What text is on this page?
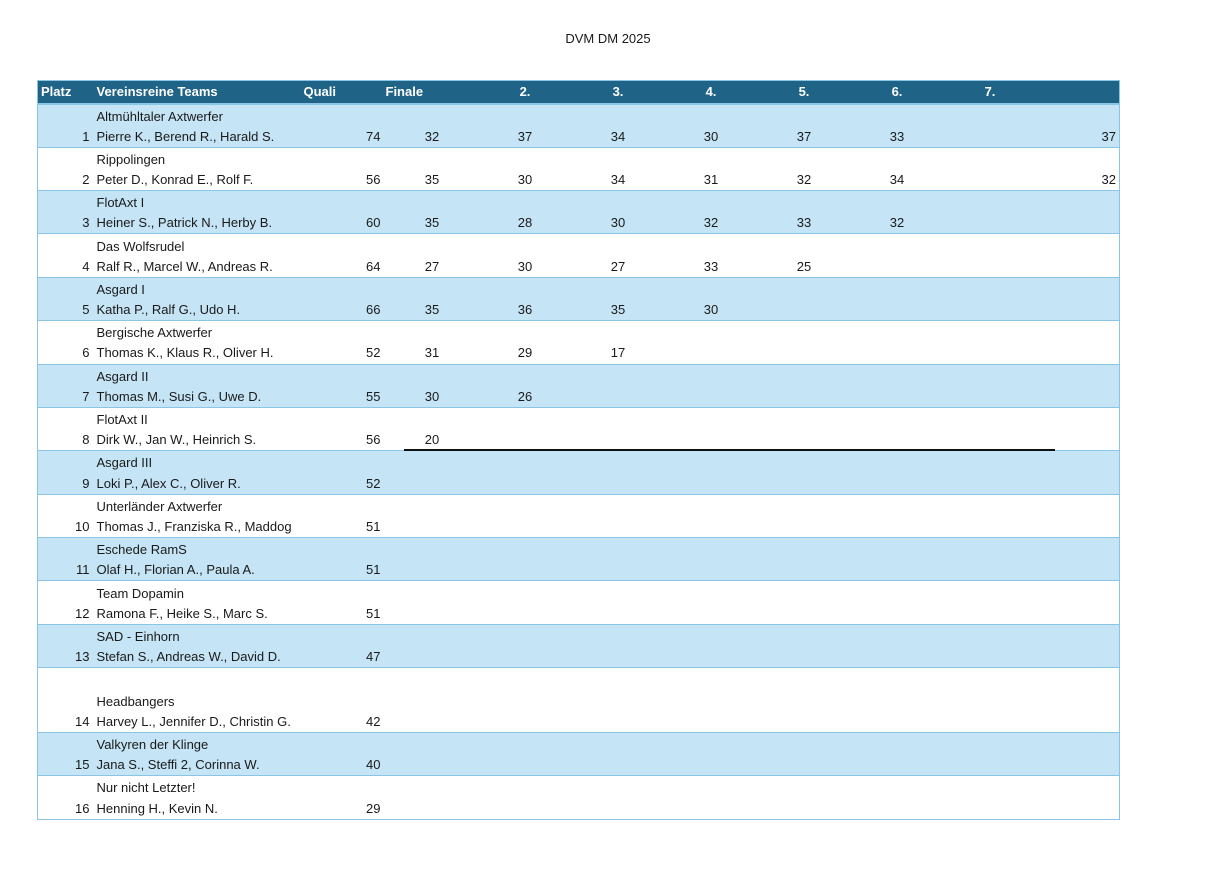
DVM DM 2025
Platz	Vereinsreine Teams	Quali	Finale	2.	3.	4.	5.	6.	7.	
	Altmühltaler Axtwerfer									
1	Pierre K., Berend R., Harald S.	74	32	37	34	30	37	33		37
	Rippolingen									
2	Peter D., Konrad E., Rolf F.	56	35	30	34	31	32	34		32
	FlotAxt I									
3	Heiner S., Patrick N., Herby B.	60	35	28	30	32	33	32		
	Das Wolfsrudel									
4	Ralf R., Marcel W., Andreas R.	64	27	30	27	33	25			
	Asgard I									
5	Katha P., Ralf G., Udo H.	66	35	36	35	30				
	Bergische Axtwerfer									
6	Thomas K., Klaus R., Oliver H.	52	31	29	17					
	Asgard II									
7	Thomas M., Susi G., Uwe D.	55	30	26						
	FlotAxt II									
8	Dirk W., Jan W., Heinrich S.	56	20							
	Asgard III									
9	Loki P., Alex C., Oliver R.	52								
	Unterländer Axtwerfer									
10	Thomas J., Franziska R., Maddog	51								
	Eschede RamS									
11	Olaf H., Florian A., Paula A.	51								
	Team Dopamin									
12	Ramona F., Heike S., Marc S.	51								
	SAD - Einhorn									
13	Stefan S., Andreas W., David D.	47								
	Headbangers									
14	Harvey L., Jennifer D., Christin G.	42								
	Valkyren der Klinge									
15	Jana S., Steffi 2, Corinna W.	40								
	Nur nicht Letzter!									
16	Henning H., Kevin N.	29								
